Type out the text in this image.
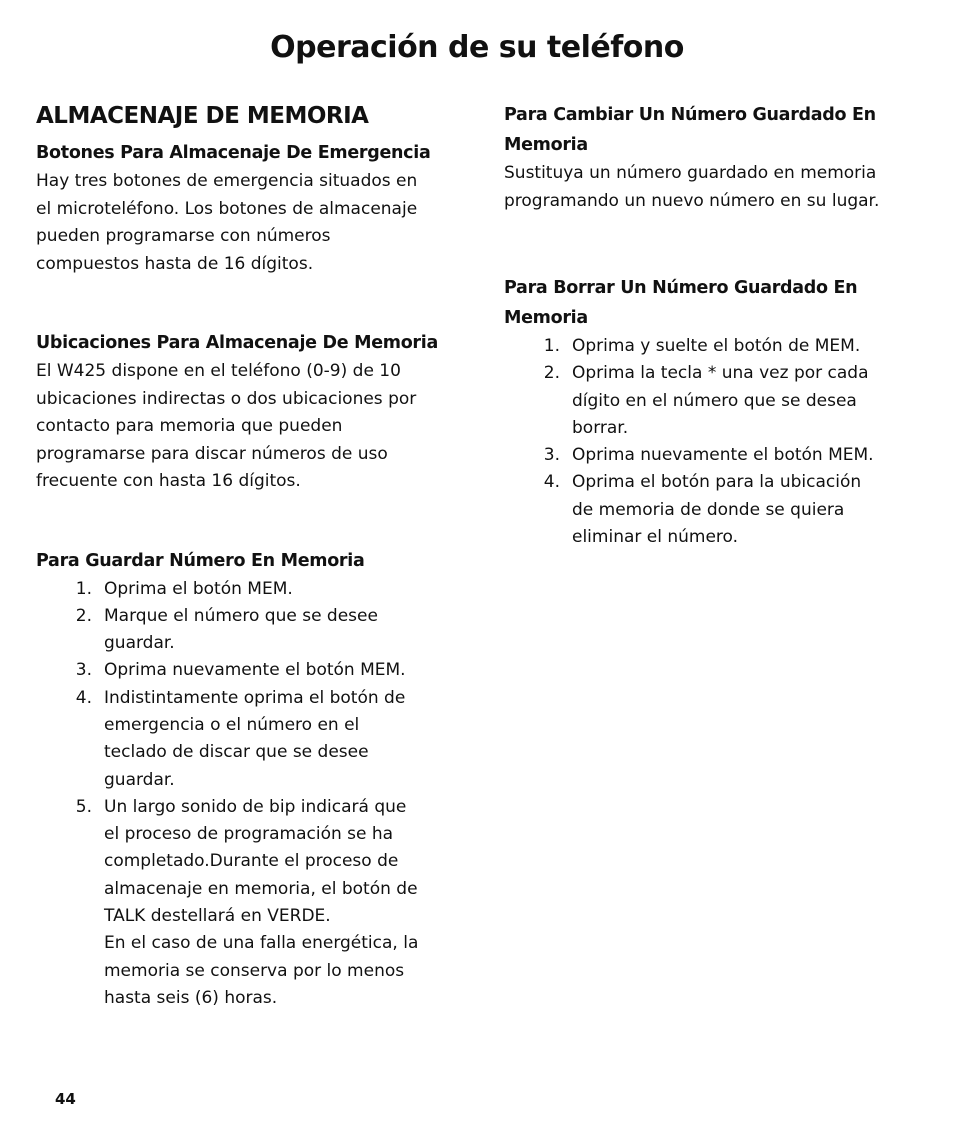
Operación de su teléfono
ALMACENAJE DE MEMORIA
Botones Para Almacenaje De Emergencia

Hay tres botones de emergencia situados en
el microteléfono. Los botones de almacenaje
pueden programarse con números
compuestos hasta de 16 dígitos.

Ubicaciones Para Almacenaje De Memoria

El W425 dispone en el teléfono (0-9) de 10
ubicaciones indirectas o dos ubicaciones por
contacto para memoria que pueden
programarse para discar números de uso
frecuente con hasta 16 dígitos.

Para Guardar Número En Memoria
1. Oprima el botón MEM.
2. Marque el número que se desee
guardar.
3. Oprima nuevamente el botón MEM.
4. Indistintamente oprima el botón de
emergencia o el número en el
teclado de discar que se desee
guardar.
5. Un largo sonido de bip indicará que
el proceso de programación se ha
completado.Durante el proceso de
almacenaje en memoria, el botón de
TALK destellará en VERDE.
En el caso de una falla energética, la
memoria se conserva por lo menos
hasta seis (6) horas.
Para Cambiar Un Número Guardado En
Memoria

Sustituya un número guardado en memoria
programando un nuevo número en su lugar.

Para Borrar Un Número Guardado En
Memoria
1. Oprima y suelte el botón de MEM.
2. Oprima la tecla * una vez por cada
dígito en el número que se desea
borrar.
3. Oprima nuevamente el botón MEM.
4. Oprima el botón para la ubicación
de memoria de donde se quiera
eliminar el número.
44
